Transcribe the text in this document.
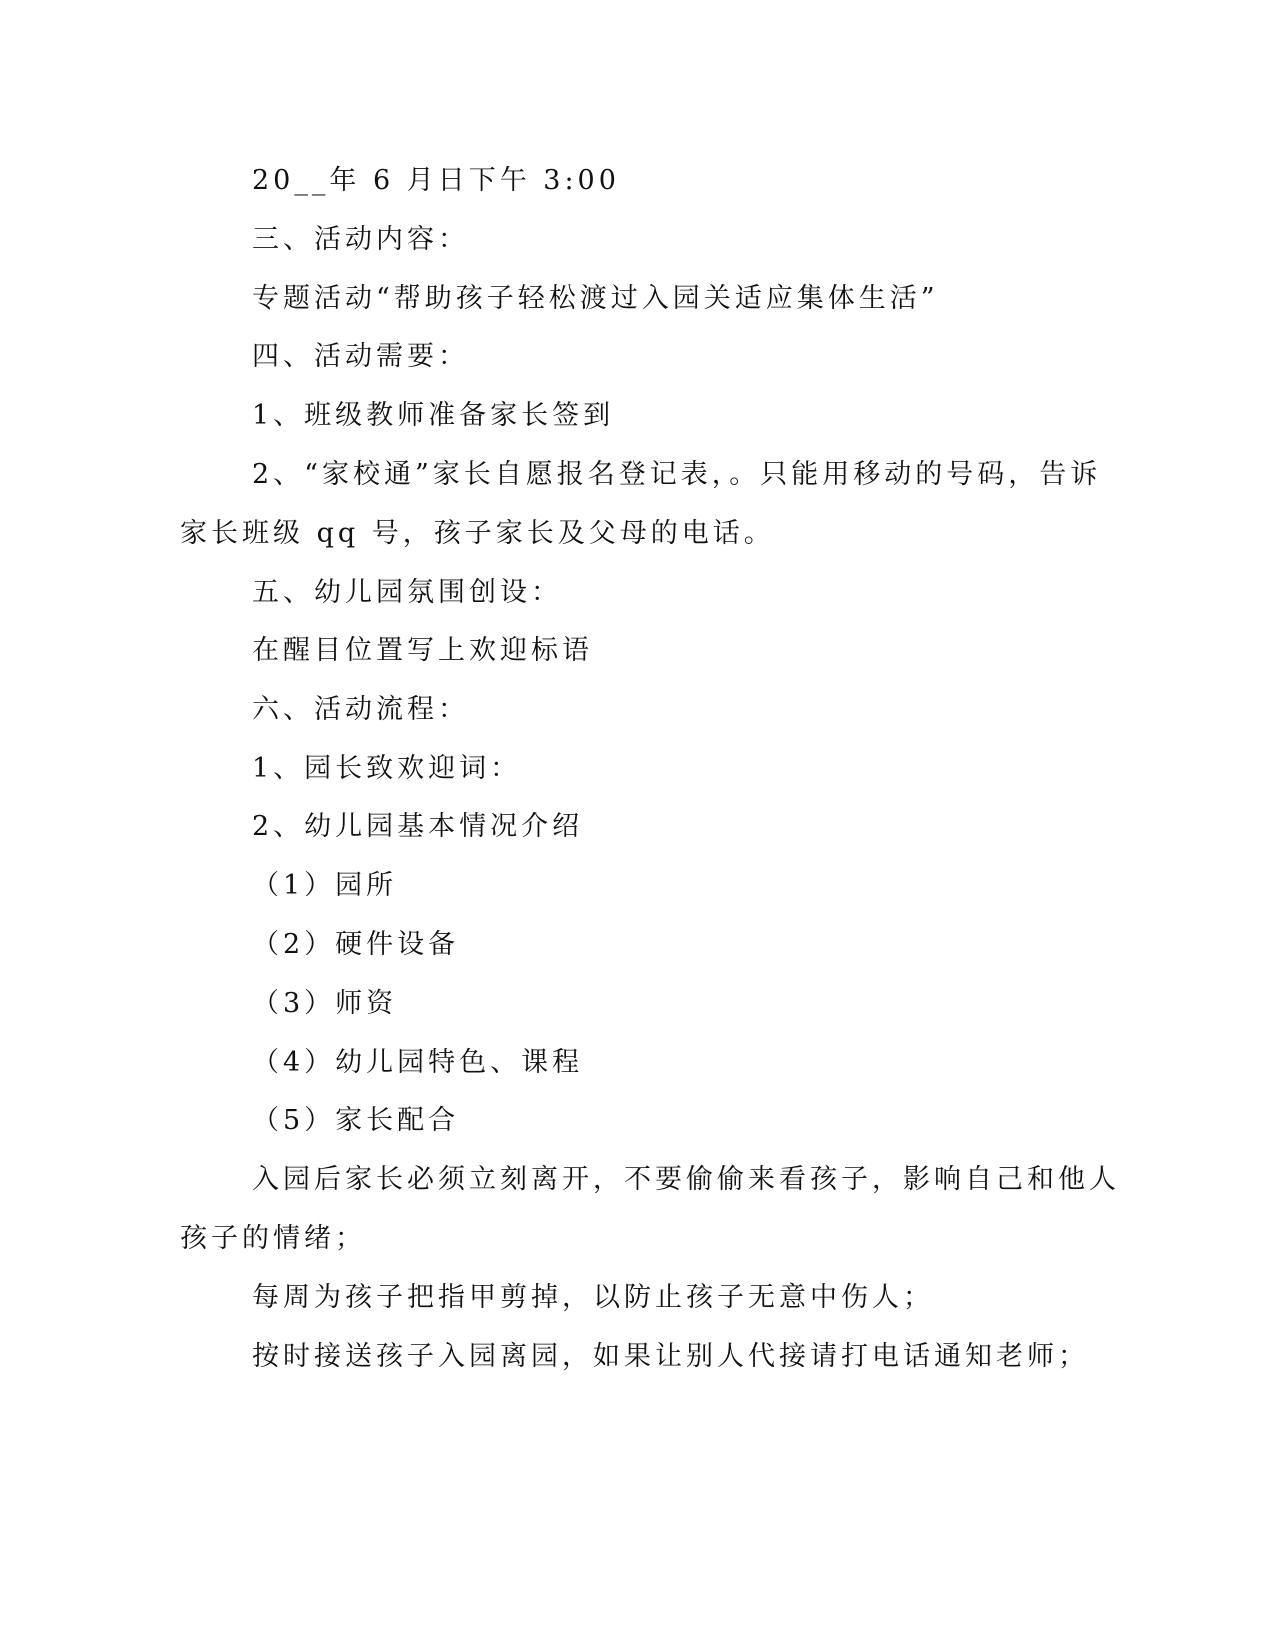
20__年 6 月日下午 3:00
三、活动内容：
专题活动“帮助孩子轻松渡过入园关适应集体生活”
四、活动需要：
1、班级教师准备家长签到
2、“家校通”家长自愿报名登记表，。只能用移动的号码，告诉
家长班级 qq 号，孩子家长及父母的电话。
五、幼儿园氛围创设：
在醒目位置写上欢迎标语
六、活动流程：
1、园长致欢迎词：
2、幼儿园基本情况介绍
（1）园所
（2）硬件设备
（3）师资
（4）幼儿园特色、课程
（5）家长配合
入园后家长必须立刻离开，不要偷偷来看孩子，影响自己和他人
孩子的情绪；
每周为孩子把指甲剪掉，以防止孩子无意中伤人；
按时接送孩子入园离园，如果让别人代接请打电话通知老师；
